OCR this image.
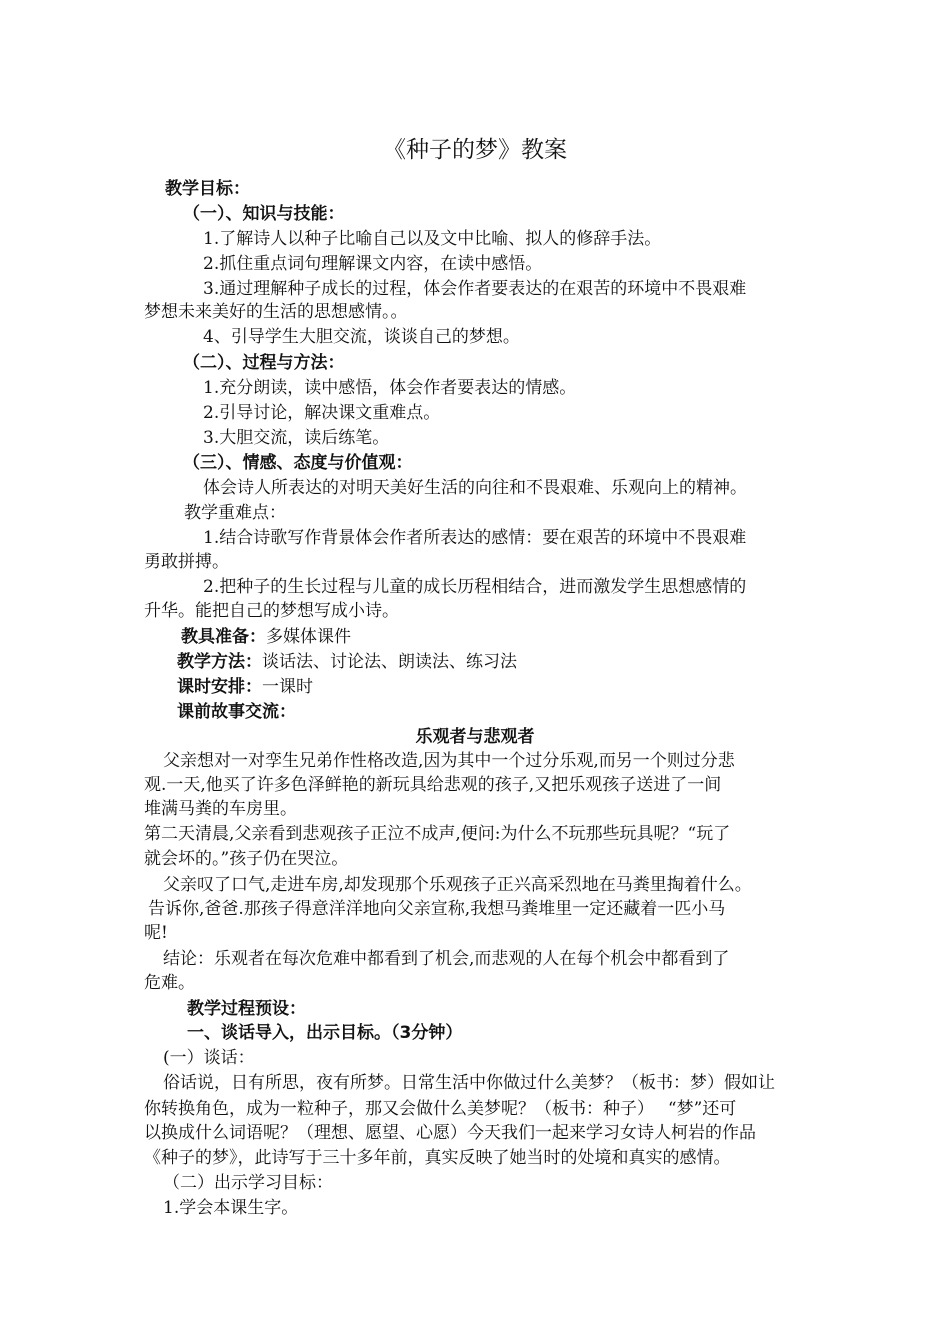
《种子的梦》教案
教学目标：
（一）、知识与技能：
1.了解诗人以种子比喻自己以及文中比喻、拟人的修辞手法。
2.抓住重点词句理解课文内容，在读中感悟。
3.通过理解种子成长的过程，体会作者要表达的在艰苦的环境中不畏艰难
梦想未来美好的生活的思想感情。。
4、引导学生大胆交流，谈谈自己的梦想。
（二）、过程与方法：
1.充分朗读，读中感悟，体会作者要表达的情感。
2.引导讨论，解决课文重难点。
3.大胆交流，读后练笔。
（三）、情感、态度与价值观：
体会诗人所表达的对明天美好生活的向往和不畏艰难、乐观向上的精神。
教学重难点：
1.结合诗歌写作背景体会作者所表达的感情：要在艰苦的环境中不畏艰难
勇敢拼搏。
2.把种子的生长过程与儿童的成长历程相结合，进而激发学生思想感情的
升华。能把自己的梦想写成小诗。
教具准备：多媒体课件
教学方法：谈话法、讨论法、朗读法、练习法
课时安排：一课时
课前故事交流：
乐观者与悲观者
父亲想对一对孪生兄弟作性格改造,因为其中一个过分乐观,而另一个则过分悲
观.一天,他买了许多色泽鲜艳的新玩具给悲观的孩子,又把乐观孩子送进了一间
堆满马粪的车房里。
第二天清晨,父亲看到悲观孩子正泣不成声,便问:为什么不玩那些玩具呢？“玩了
就会坏的。”孩子仍在哭泣。
父亲叹了口气,走进车房,却发现那个乐观孩子正兴高采烈地在马粪里掏着什么。
告诉你,爸爸.那孩子得意洋洋地向父亲宣称,我想马粪堆里一定还藏着一匹小马
呢!
结论：乐观者在每次危难中都看到了机会,而悲观的人在每个机会中都看到了
危难。
教学过程预设：
一、谈话导入，出示目标。（3分钟）
(一）谈话：
俗话说，日有所思，夜有所梦。日常生活中你做过什么美梦？（板书：梦）假如让
你转换角色，成为一粒种子，那又会做什么美梦呢？（板书：种子）　 “梦”还可
以换成什么词语呢？（理想、愿望、心愿）今天我们一起来学习女诗人柯岩的作品
《种子的梦》，此诗写于三十多年前，真实反映了她当时的处境和真实的感情。
（二）出示学习目标：
1.学会本课生字。
